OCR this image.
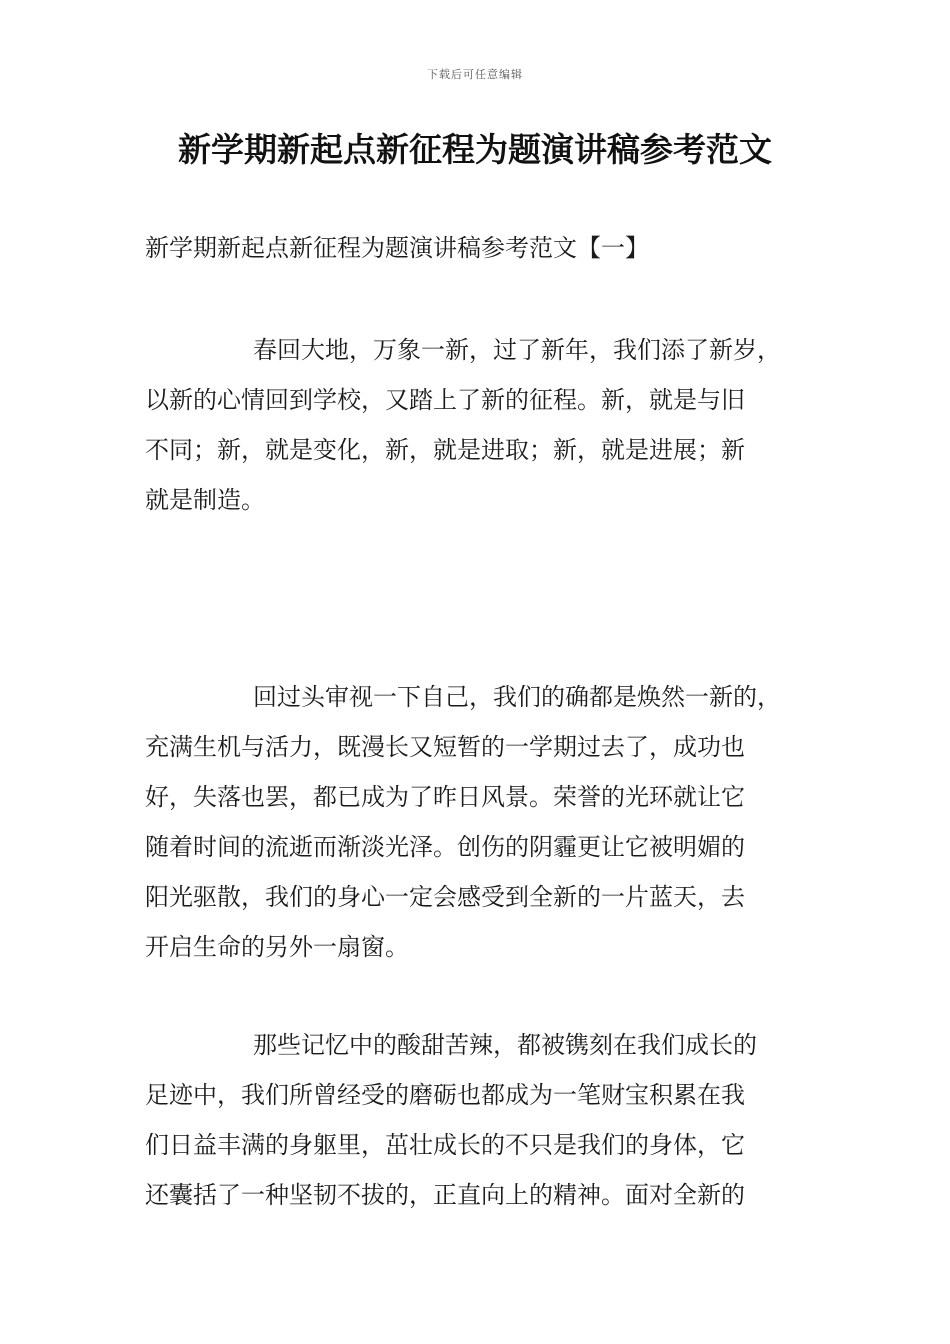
下载后可任意编辑
新学期新起点新征程为题演讲稿参考范文
新学期新起点新征程为题演讲稿参考范文【一】
春回大地，万象一新，过了新年，我们添了新岁，
以新的心情回到学校，又踏上了新的征程。新，就是与旧
不同；新，就是变化，新，就是进取；新，就是进展；新
就是制造。
回过头审视一下自己，我们的确都是焕然一新的，
充满生机与活力，既漫长又短暂的一学期过去了，成功也
好，失落也罢，都已成为了昨日风景。荣誉的光环就让它
随着时间的流逝而渐淡光泽。创伤的阴霾更让它被明媚的
阳光驱散，我们的身心一定会感受到全新的一片蓝天，去
开启生命的另外一扇窗。
那些记忆中的酸甜苦辣，都被镌刻在我们成长的
足迹中，我们所曾经受的磨砺也都成为一笔财宝积累在我
们日益丰满的身躯里，茁壮成长的不只是我们的身体，它
还囊括了一种坚韧不拔的，正直向上的精神。面对全新的
